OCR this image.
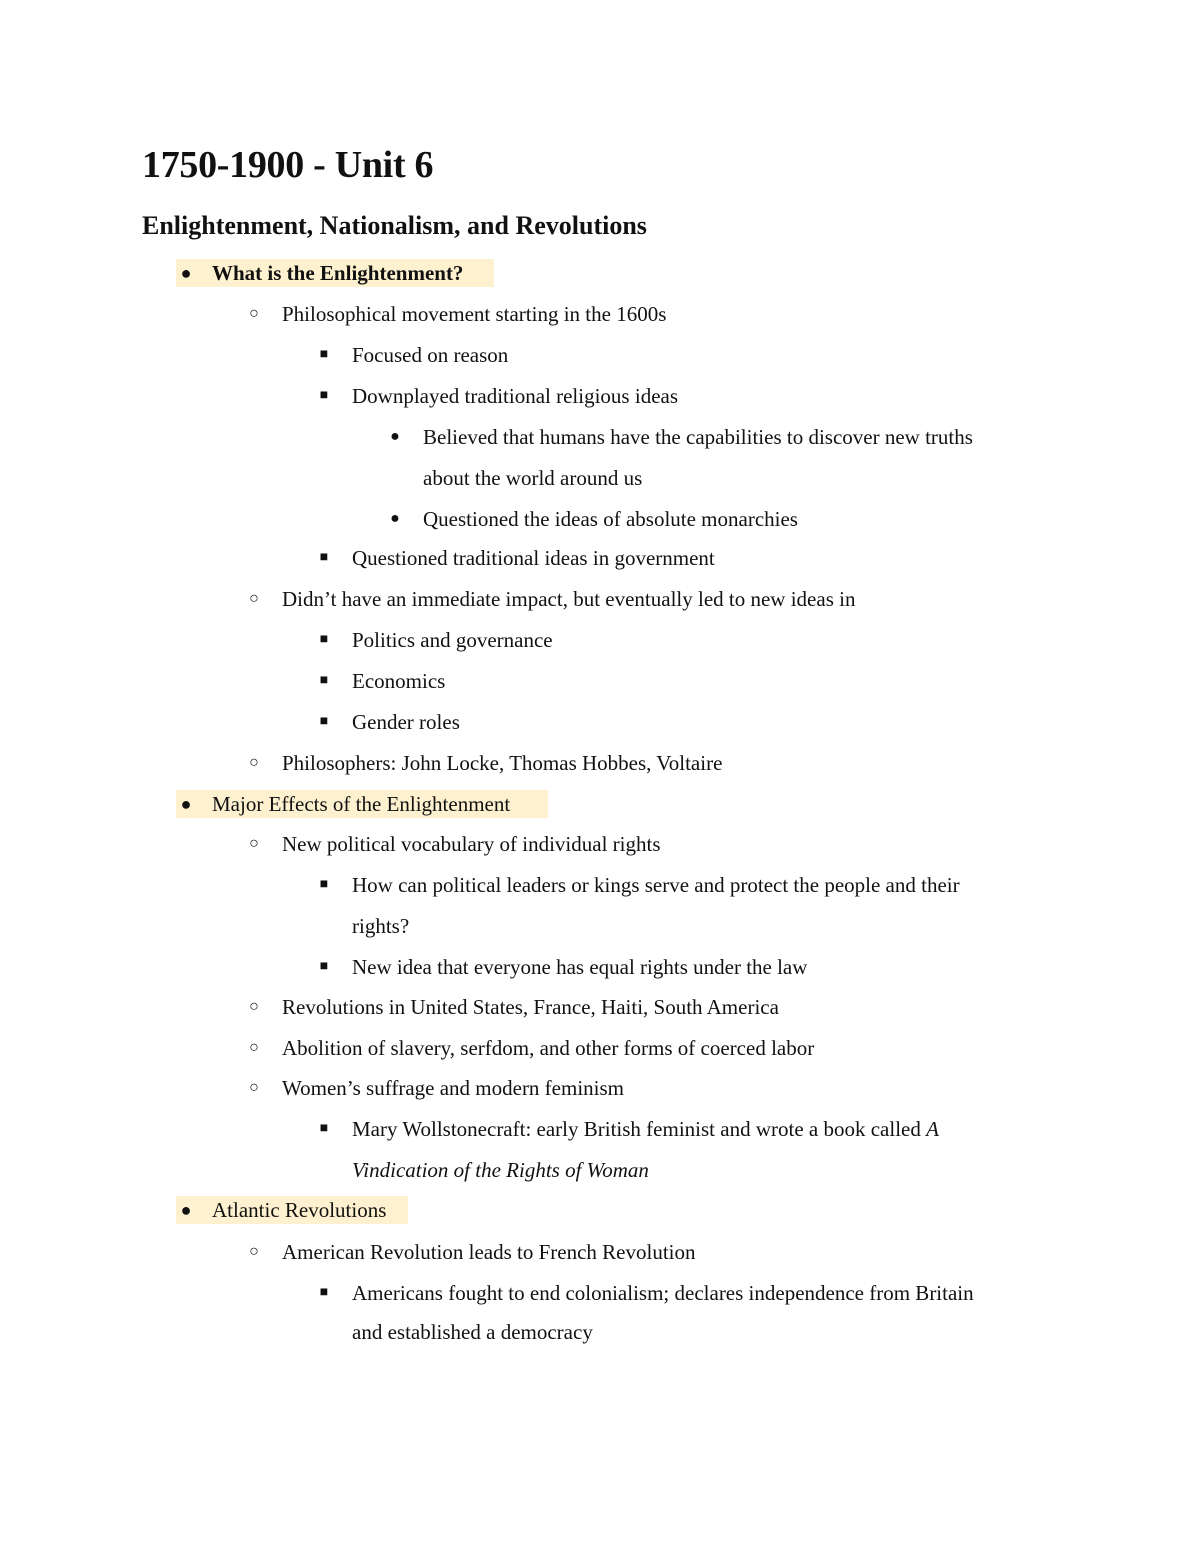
1750-1900 - Unit 6
Enlightenment, Nationalism, and Revolutions
● What is the Enlightenment?
○ Philosophical movement starting in the 1600s
■ Focused on reason
■ Downplayed traditional religious ideas
● Believed that humans have the capabilities to discover new truths
about the world around us
● Questioned the ideas of absolute monarchies
■ Questioned traditional ideas in government
○ Didn’t have an immediate impact, but eventually led to new ideas in
■ Politics and governance
■ Economics
■ Gender roles
○ Philosophers: John Locke, Thomas Hobbes, Voltaire
● Major Effects of the Enlightenment
○ New political vocabulary of individual rights
■ How can political leaders or kings serve and protect the people and their
rights?
■ New idea that everyone has equal rights under the law
○ Revolutions in United States, France, Haiti, South America
○ Abolition of slavery, serfdom, and other forms of coerced labor
○ Women’s suffrage and modern feminism
■ Mary Wollstonecraft: early British feminist and wrote a book called A
Vindication of the Rights of Woman
● Atlantic Revolutions
○ American Revolution leads to French Revolution
■ Americans fought to end colonialism; declares independence from Britain
and established a democracy
